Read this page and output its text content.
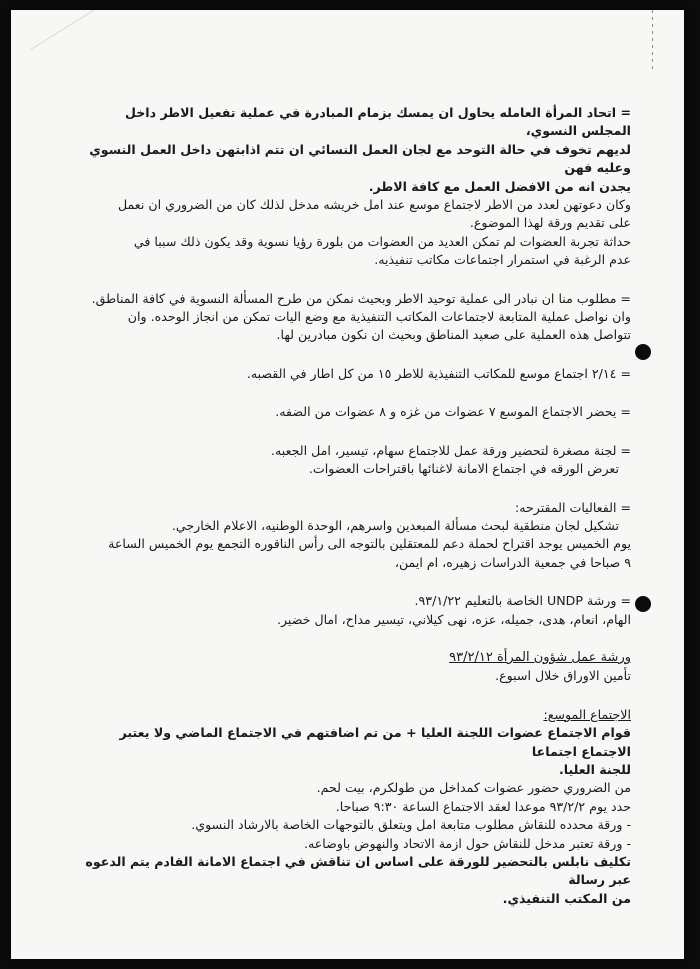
= اتحاد المرأة العامله يحاول ان يمسك بزمام المبادرة في عملية تفعيل الاطر داخل المجلس النسوي،

لديهم تخوف في حالة التوحد مع لجان العمل النسائي ان تتم اذابتهن داخل العمل النسوي وعليه فهن

يجدن انه من الافضل العمل مع كافة الاطر.

وكان دعوتهن لعدد من الاطر لاجتماع موسع عند امل خريشه مدخل لذلك كان من الضروري ان نعمل

على تقديم ورقة لهذا الموضوع.

حداثة تجربة العضوات لم تمكن العديد من العضوات من بلورة رؤيا نسوية وقد يكون ذلك سببا في

عدم الرغبة في استمرار اجتماعات مكاتب تنفيذيه.

= مطلوب منا ان نبادر الى عملية توحيد الاطر وبحيث نمكن من طرح المسألة النسوية في كافة المناطق.

وان نواصل عملية المتابعة لاجتماعات المكاتب التنفيذية مع وضع اليات تمكن من انجاز الوحده. وان

تتواصل هذه العملية على صعيد المناطق وبحيث ان نكون مبادرين لها.

= ٢/١٤ اجتماع موسع للمكاتب التنفيذية للاطر ١٥ من كل اطار في القصبه.

= يحضر الاجتماع الموسع ٧ عضوات من غزه و ٨ عضوات من الضفه.

= لجنة مصغرة لتحضير ورقة عمل للاجتماع سهام، تيسير، امل الجعبه.

تعرض الورقه في اجتماع الامانة لاغنائها باقتراحات العضوات.

= الفعاليات المقترحه:

تشكيل لجان منطقية لبحث مسألة المبعدين واسرهم، الوحدة الوطنيه، الاعلام الخارجي.

يوم الخميس يوجد اقتراح لحملة دعم للمعتقلين بالتوجه الى رأس الناقوره التجمع يوم الخميس الساعة

٩ صباحا في جمعية الدراسات زهيره، ام ايمن،

= ورشة UNDP الخاصة بالتعليم ٩٣/١/٢٢.

الهام، انعام، هدى، جميله، عزه، نهى كيلاني، تيسير مداح، امال خضير.

ورشة عمل شؤون المرأة ٩٣/٢/١٢

تأمين الاوراق خلال اسبوع.

الاجتماع الموسع:

قوام الاجتماع عضوات اللجنة العليا + من تم اضافتهم في الاجتماع الماضي ولا يعتبر الاجتماع اجتماعا

للجنة العليا.

من الضروري حضور عضوات كمداخل من طولكرم، بيت لحم.

حدد يوم ٩٣/٢/٢ موعدا لعقد الاجتماع الساعة ٩:٣٠ صباحا.

- ورقة محدده للنقاش مطلوب متابعة امل ويتعلق بالتوجهات الخاصة بالارشاد النسوي.

- ورقة تعتبر مدخل للنقاش حول ازمة الاتحاد والنهوض باوضاعه.

تكليف نابلس بالتحضير للورقة على اساس ان تناقش في اجتماع الامانة القادم يتم الدعوه عبر رسالة

من المكتب التنفيذي.
